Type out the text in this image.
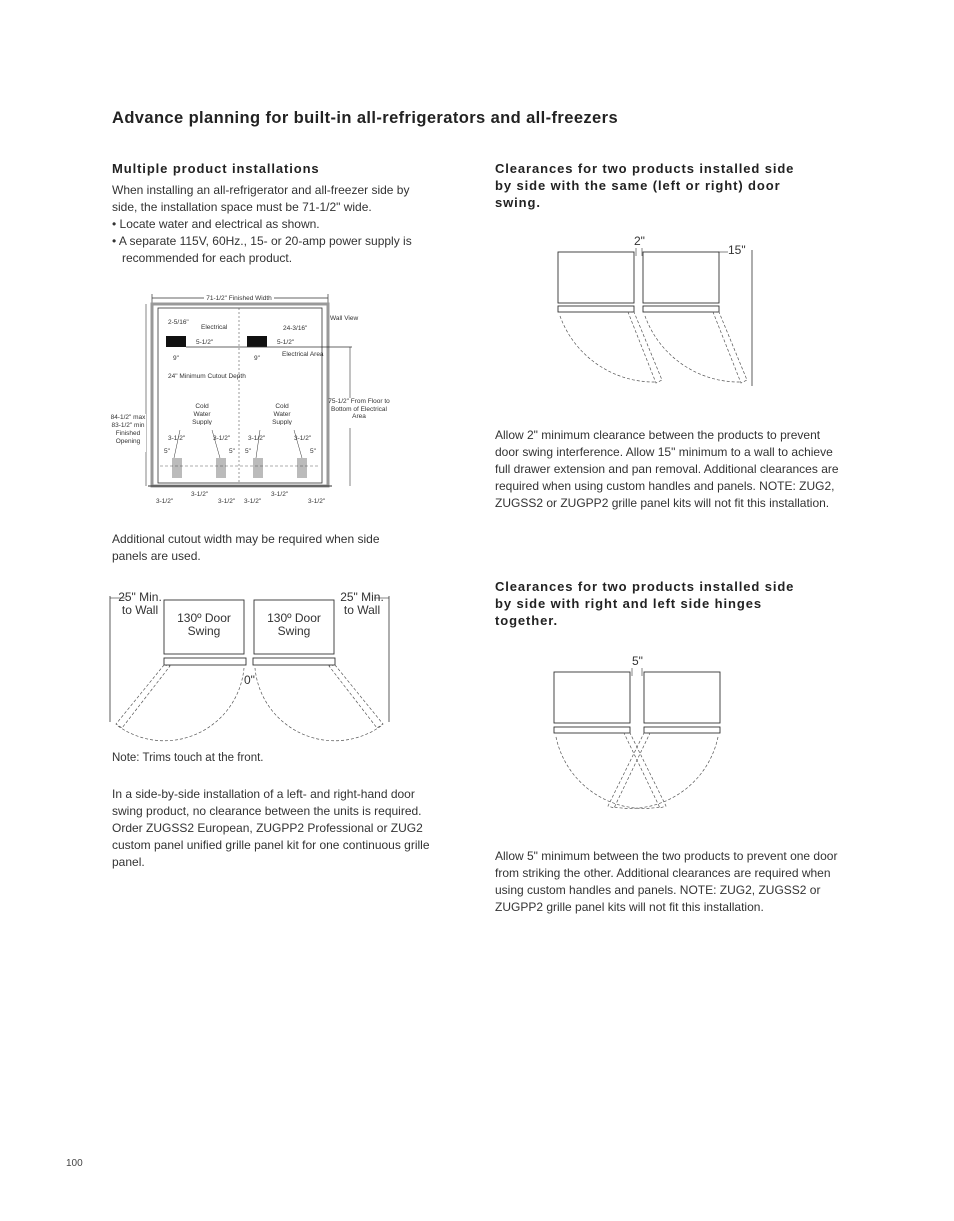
Advance planning for built-in all-refrigerators and all-freezers
Multiple product installations

When installing an all-refrigerator and all-freezer side by side, the installation space must be 71-1/2" wide.

• Locate water and electrical as shown.

• A separate 115V, 60Hz., 15- or 20-amp power supply is recommended for each product.

71-1/2" Finished Width
Wall View
2-5/16"
Electrical	24-3/16"
5-1/2"	5-1/2"
Electrical Area
9"	9"
24" Minimum Cutout Depth
75-1/2" From Floor to Bottom of Electrical Area
84-1/2" max 83-1/2" min Finished Opening
Cold Water Supply
Cold Water Supply
3-1/2"	3-1/2"	3-1/2"	3-1/2"
5"	5" 5"	5"
3-1/2"
3-1/2"
3-1/2" 3-1/2"
3-1/2"
3-1/2"
Additional cutout width may be required when side panels are used.
25" Min. to Wall
25" Min. to Wall
130º Door Swing
130º Door Swing
0"
Note: Trims touch at the front.
In a side-by-side installation of a left- and right-hand door swing product, no clearance between the units is required. Order ZUGSS2 European, ZUGPP2 Professional or ZUG2 custom panel unified grille panel kit for one continuous grille panel.
Clearances for two products installed side by side with the same (left or right) door swing.
2"
15"
Allow 2" minimum clearance between the products to prevent door swing interference. Allow 15" minimum to a wall to achieve full drawer extension and pan removal. Additional clearances are required when using custom handles and panels. NOTE: ZUG2, ZUGSS2 or ZUGPP2 grille panel kits will not fit this installation.
Clearances for two products installed side by side with right and left side hinges together.
5"
Allow 5" minimum between the two products to prevent one door from striking the other. Additional clearances are required when using custom handles and panels. NOTE: ZUG2, ZUGSS2 or ZUGPP2 grille panel kits will not fit this installation.
100
